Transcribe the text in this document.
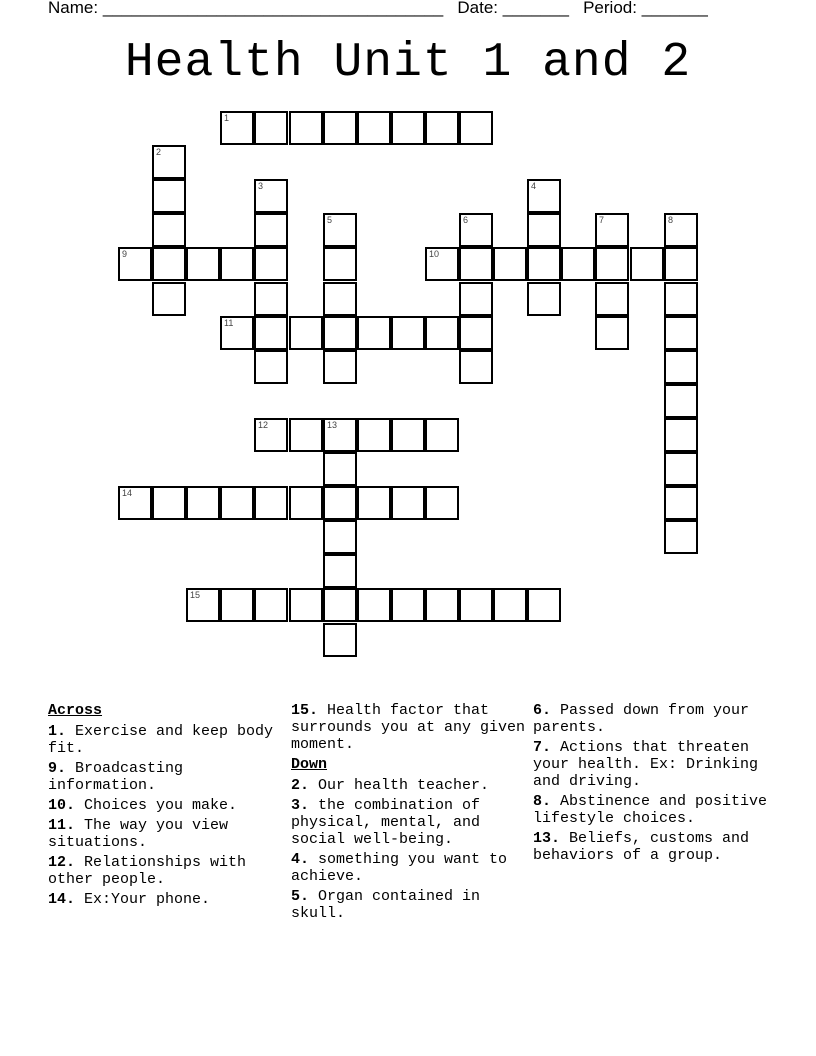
Name: ____________________________________ Date: _______ Period: _______
Health Unit 1 and 2
1
2
3	4
5	6	7	8
9	10
11
12	13
14
15
Across
1. Exercise and keep body fit.
9. Broadcasting information.
10. Choices you make.
11. The way you view situations.
12. Relationships with other people.
14. Ex:Your phone.
15. Health factor that surrounds you at any given moment.
Down
2. Our health teacher.
3. the combination of physical, mental, and social well-being.
4. something you want to achieve.
5. Organ contained in skull.
6. Passed down from your parents.
7. Actions that threaten your health. Ex: Drinking and driving.
8. Abstinence and positive lifestyle choices.
13. Beliefs, customs and behaviors of a group.
